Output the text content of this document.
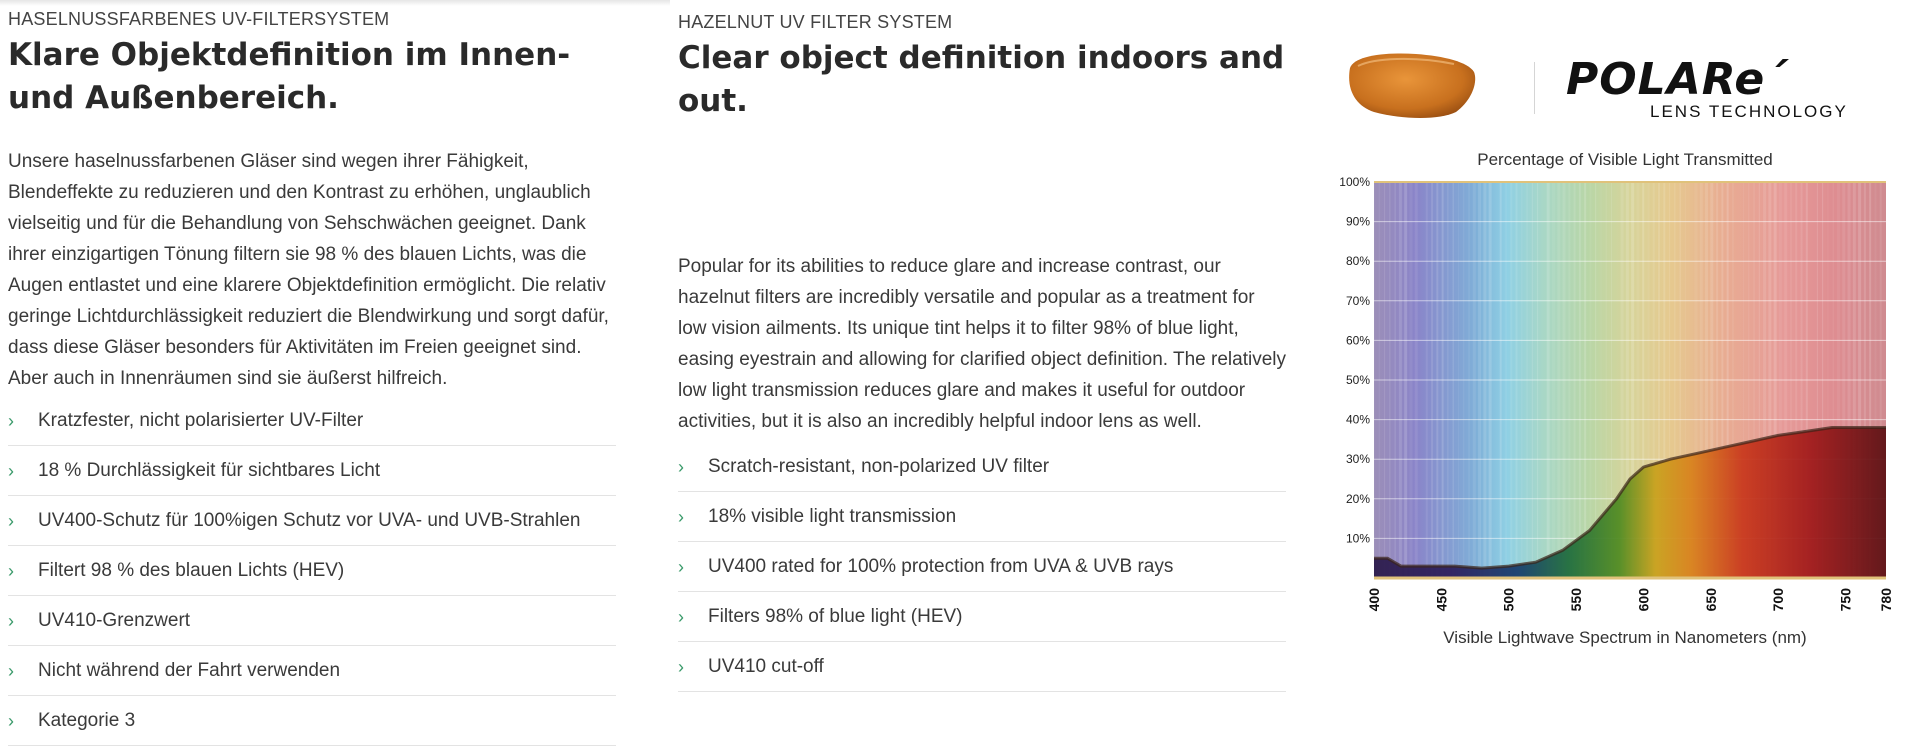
HASELNUSSFARBENES UV-FILTERSYSTEM
Klare Objektdefinition im Innen- und Außenbereich.

Unsere haselnussfarbenen Gläser sind wegen ihrer Fähigkeit, Blendeffekte zu reduzieren und den Kontrast zu erhöhen, unglaublich vielseitig und für die Behandlung von Sehschwächen geeignet. Dank ihrer einzigartigen Tönung filtern sie 98 % des blauen Lichts, was die Augen entlastet und eine klarere Objektdefinition ermöglicht. Die relativ geringe Lichtdurchlässigkeit reduziert die Blendwirkung und sorgt dafür, dass diese Gläser besonders für Aktivitäten im Freien geeignet sind. Aber auch in Innenräumen sind sie äußerst hilfreich.

› Kratzfester, nicht polarisierter UV-Filter
› 18 % Durchlässigkeit für sichtbares Licht
› UV400-Schutz für 100%igen Schutz vor UVA- und UVB-Strahlen
› Filtert 98 % des blauen Lichts (HEV)
› UV410-Grenzwert
› Nicht während der Fahrt verwenden
› Kategorie 3
HAZELNUT UV FILTER SYSTEM
Clear object definition indoors and out.

Popular for its abilities to reduce glare and increase contrast, our hazelnut filters are incredibly versatile and popular as a treatment for low vision ailments. Its unique tint helps it to filter 98% of blue light, easing eyestrain and allowing for clarified object definition. The relatively low light transmission reduces glare and makes it useful for outdoor activities, but it is also an incredibly helpful indoor lens as well.

› Scratch-resistant, non-polarized UV filter
› 18% visible light transmission
› UV400 rated for 100% protection from UVA & UVB rays
› Filters 98% of blue light (HEV)
› UV410 cut-off
POLARe´
LENS TECHNOLOGY
Percentage of Visible Light Transmitted
10%
20%
30%
40%
50%
60%
70%
80%
90%
100%
400	450	500	550	600	650	700	750 780
Visible Lightwave Spectrum in Nanometers (nm)
